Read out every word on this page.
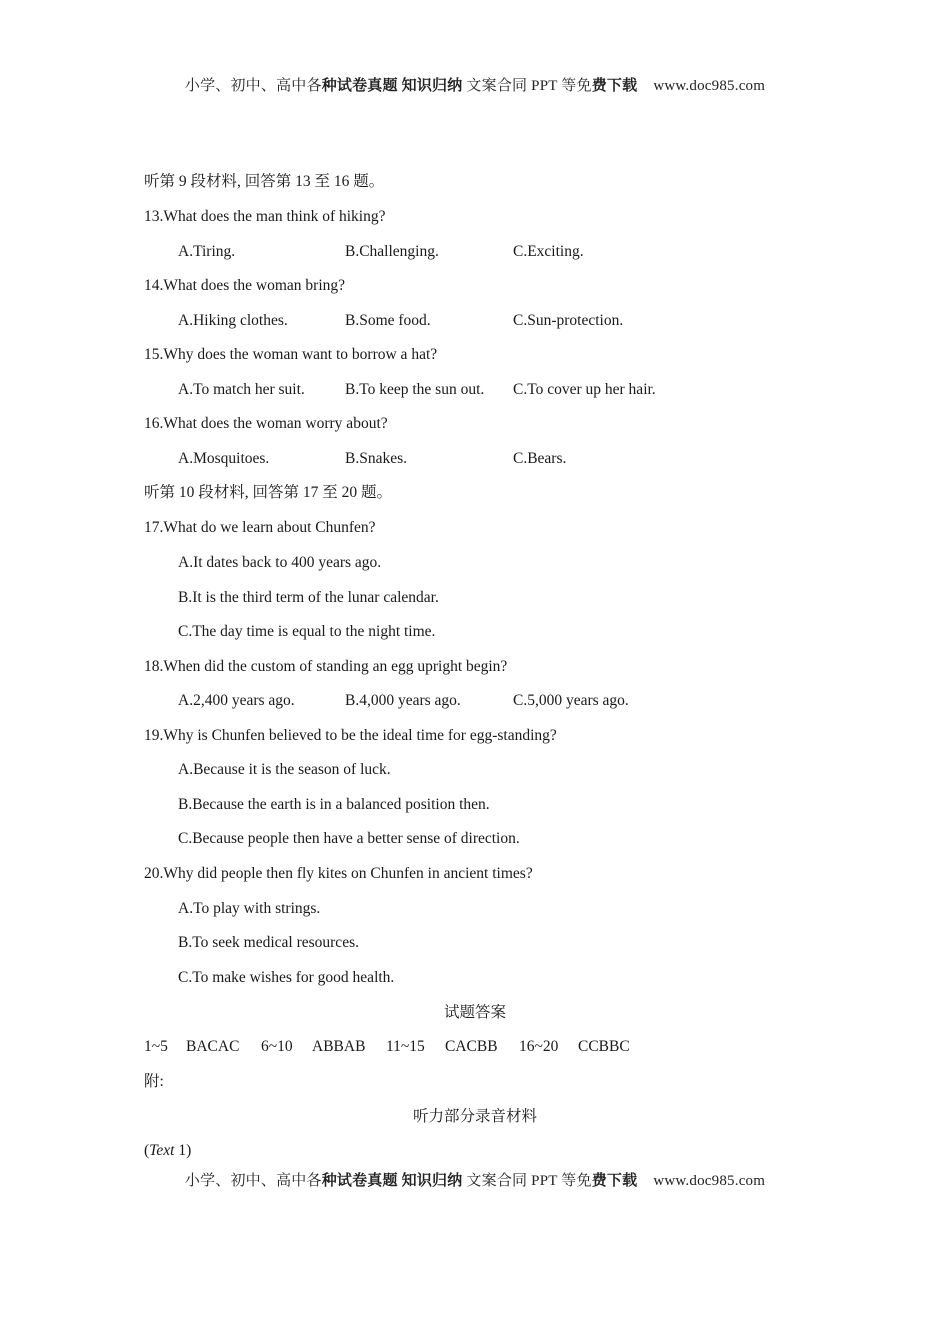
小学、初中、高中各种试卷真题 知识归纳 文案合同 PPT 等免费下载 www.doc985.com
听第 9 段材料, 回答第 13 至 16 题。
13.What does the man think of hiking?
A.Tiring.	B.Challenging.	C.Exciting.
14.What does the woman bring?
A.Hiking clothes.	B.Some food.	C.Sun-protection.
15.Why does the woman want to borrow a hat?
A.To match her suit.	B.To keep the sun out. C.To cover up her hair.
16.What does the woman worry about?
A.Mosquitoes.	B.Snakes.	C.Bears.
听第 10 段材料, 回答第 17 至 20 题。
17.What do we learn about Chunfen?
A.It dates back to 400 years ago.
B.It is the third term of the lunar calendar.
C.The day time is equal to the night time.
18.When did the custom of standing an egg upright begin?
A.2,400 years ago.	B.4,000 years ago.	C.5,000 years ago.
19.Why is Chunfen believed to be the ideal time for egg-standing?
A.Because it is the season of luck.
B.Because the earth is in a balanced position then.
C.Because people then have a better sense of direction.
20.Why did people then fly kites on Chunfen in ancient times?
A.To play with strings.
B.To seek medical resources.
C.To make wishes for good health.
试题答案
1~5 BACAC 6~10 ABBAB 11~15 CACBB 16~20 CCBBC
附:
听力部分录音材料
(Text 1)
小学、初中、高中各种试卷真题 知识归纳 文案合同 PPT 等免费下载 www.doc985.com
